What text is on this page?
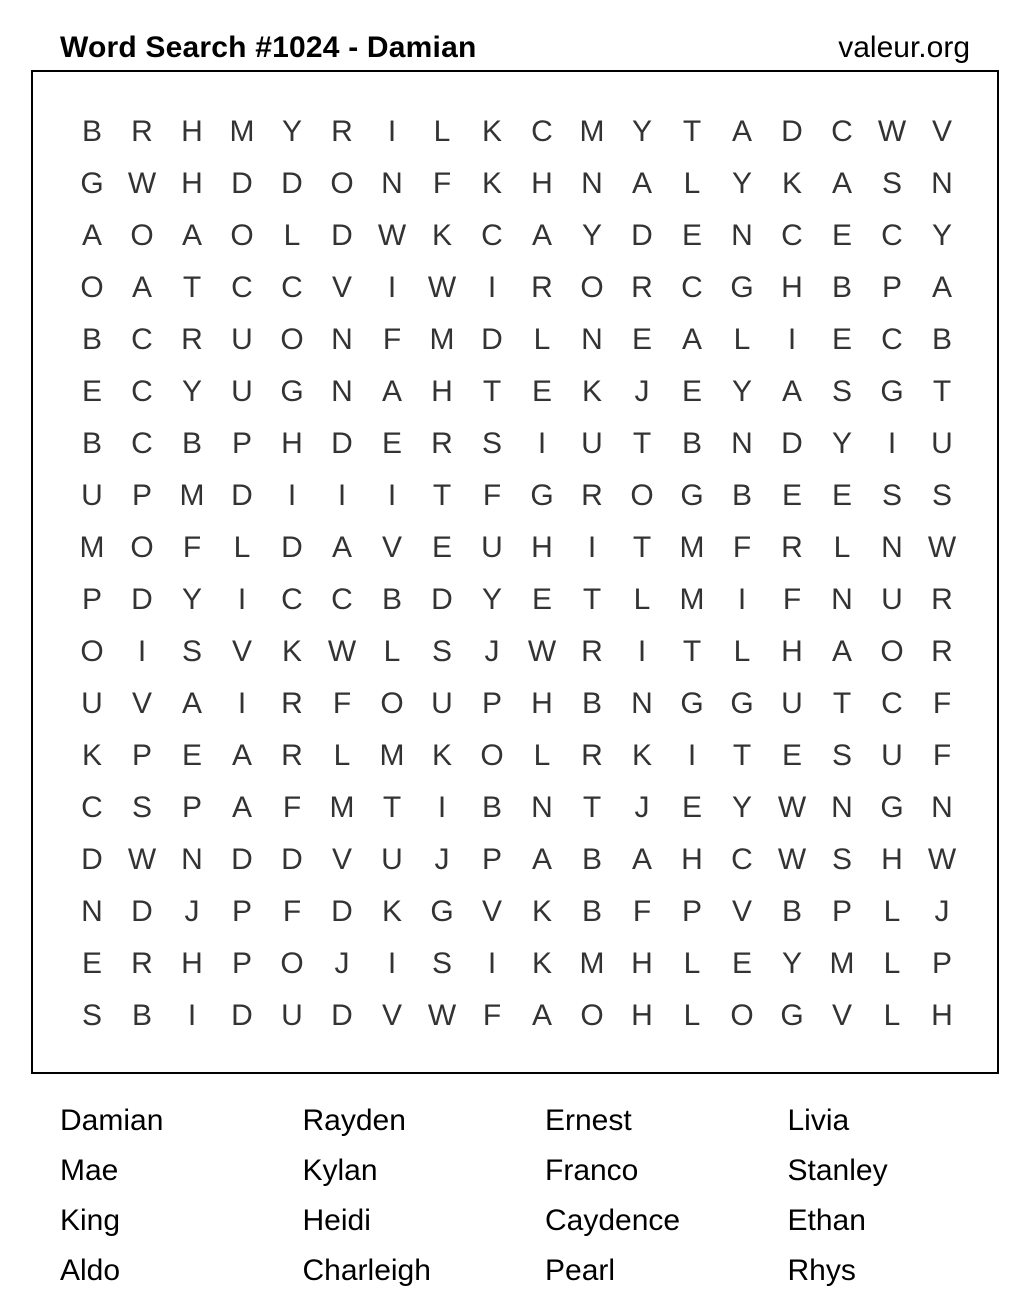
Word Search #1024 - Damian	valeur.org
B R H M Y R	I	L	K C M Y	T	A D C W V
G W H D D O N	F	K H N A	L	Y K A S N
A O A O L	D W K C A Y D E N C E C Y
O A	T	C C V	I	W	I	R O R C G H B P A
B C R U O N	F M D	L	N E A	L	I	E C B
E C Y U G N A H	T	E K	J	E Y A S G T
B C B P H D E R S	I	U	T	B N D Y	I	U
U P M D	I	I	I	T	F G R O G B E E S S
M O F	L	D A V E U H	I	T M F	R	L	N W
P D Y	I	C C B D Y E	T	L M	I	F	N U R
O	I	S V K W L	S	J W R	I	T	L	H A O R
U V A	I	R	F O U P H B N G G U	T	C	F
K P E A R	L M K O L	R K	I	T	E S U	F
C S P A	F M T	I	B N	T	J	E Y W N G N
D W N D D V U	J	P A B A H C W S H W
N D	J	P	F	D K G V K B	F	P V B P	L	J
E R H P O	J	I	S	I	K M H	L	E Y M L	P
S B	I	D U D V W F	A O H	L O G V	L	H
Damian	Rayden	Ernest	Livia
Mae	Kylan	Franco	Stanley
King	Heidi	Caydence	Ethan
Aldo	Charleigh	Pearl	Rhys
